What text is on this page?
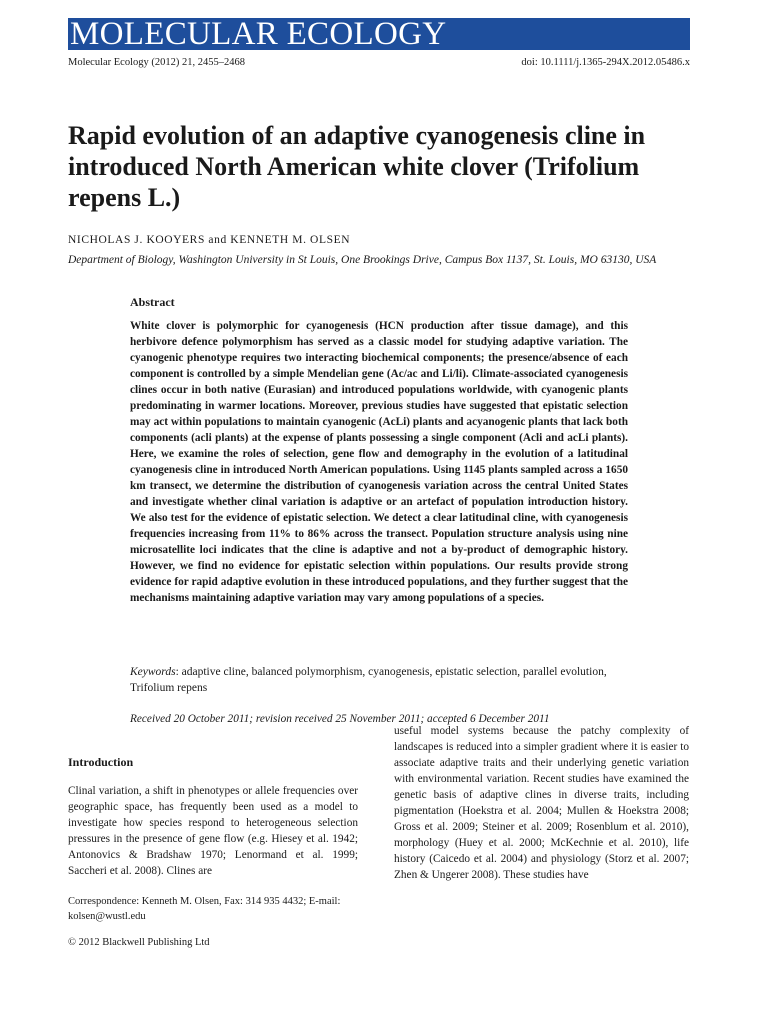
MOLECULAR ECOLOGY
Molecular Ecology (2012) 21, 2455–2468	doi: 10.1111/j.1365-294X.2012.05486.x
Rapid evolution of an adaptive cyanogenesis cline in introduced North American white clover (Trifolium repens L.)
NICHOLAS J. KOOYERS and KENNETH M. OLSEN
Department of Biology, Washington University in St Louis, One Brookings Drive, Campus Box 1137, St. Louis, MO 63130, USA
Abstract

White clover is polymorphic for cyanogenesis (HCN production after tissue damage), and this herbivore defence polymorphism has served as a classic model for studying adaptive variation. The cyanogenic phenotype requires two interacting biochemical components; the presence/absence of each component is controlled by a simple Mendelian gene (Ac/ac and Li/li). Climate-associated cyanogenesis clines occur in both native (Eurasian) and introduced populations worldwide, with cyanogenic plants predominating in warmer locations. Moreover, previous studies have suggested that epistatic selection may act within populations to maintain cyanogenic (AcLi) plants and acyanogenic plants that lack both components (acli plants) at the expense of plants possessing a single component (Acli and acLi plants). Here, we examine the roles of selection, gene flow and demography in the evolution of a latitudinal cyanogenesis cline in introduced North American populations. Using 1145 plants sampled across a 1650 km transect, we determine the distribution of cyanogenesis variation across the central United States and investigate whether clinal variation is adaptive or an artefact of population introduction history. We also test for the evidence of epistatic selection. We detect a clear latitudinal cline, with cyanogenesis frequencies increasing from 11% to 86% across the transect. Population structure analysis using nine microsatellite loci indicates that the cline is adaptive and not a by-product of demographic history. However, we find no evidence for epistatic selection within populations. Our results provide strong evidence for rapid adaptive evolution in these introduced populations, and they further suggest that the mechanisms maintaining adaptive variation may vary among populations of a species.

Keywords: adaptive cline, balanced polymorphism, cyanogenesis, epistatic selection, parallel evolution, Trifolium repens
Received 20 October 2011; revision received 25 November 2011; accepted 6 December 2011
Introduction
Clinal variation, a shift in phenotypes or allele frequencies over geographic space, has frequently been used as a model to investigate how species respond to heterogeneous selection pressures in the presence of gene flow (e.g. Hiesey et al. 1942; Antonovics & Bradshaw 1970; Lenormand et al. 1999; Saccheri et al. 2008). Clines are
useful model systems because the patchy complexity of landscapes is reduced into a simpler gradient where it is easier to associate adaptive traits and their underlying genetic variation with environmental variation. Recent studies have examined the genetic basis of adaptive clines in diverse traits, including pigmentation (Hoekstra et al. 2004; Mullen & Hoekstra 2008; Gross et al. 2009; Steiner et al. 2009; Rosenblum et al. 2010), morphology (Huey et al. 2000; McKechnie et al. 2010), life history (Caicedo et al. 2004) and physiology (Storz et al. 2007; Zhen & Ungerer 2008). These studies have
Correspondence: Kenneth M. Olsen, Fax: 314 935 4432; E-mail: kolsen@wustl.edu
© 2012 Blackwell Publishing Ltd
